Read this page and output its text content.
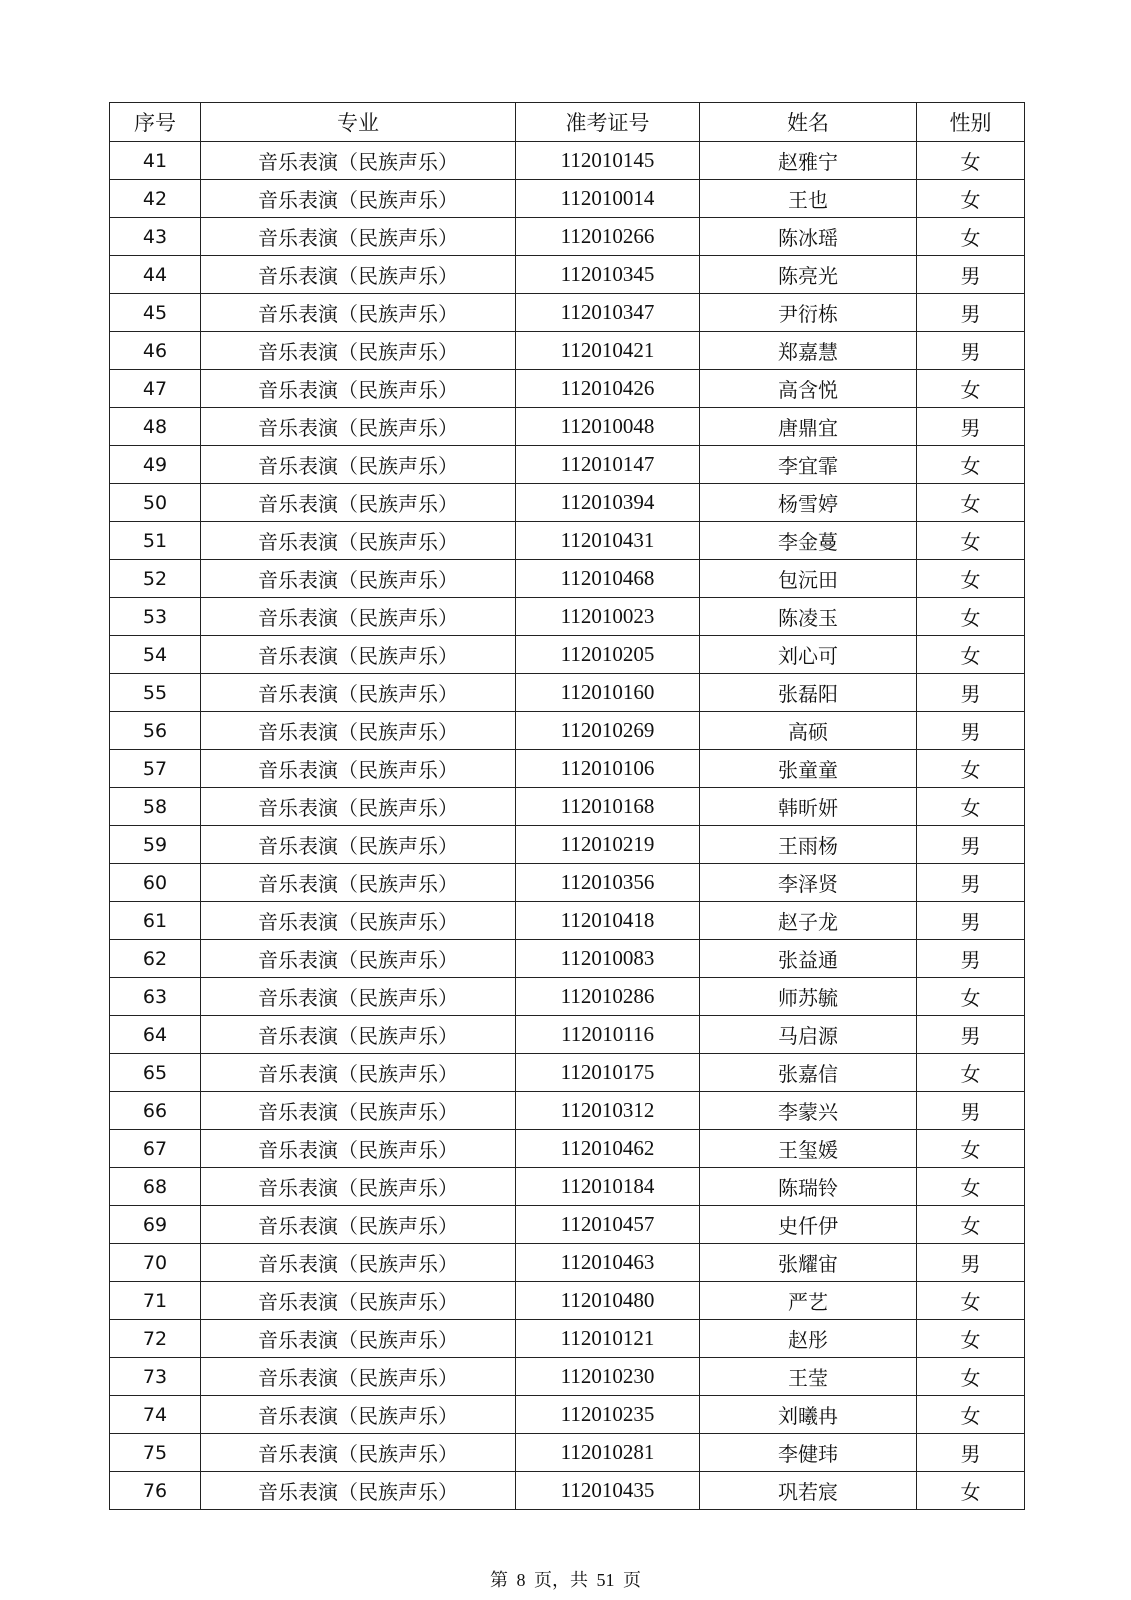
序号	专业	准考证号	姓名	性别
41	音乐表演（民族声乐）	112010145	赵雅宁	女
42	音乐表演（民族声乐）	112010014	王也	女
43	音乐表演（民族声乐）	112010266	陈冰瑶	女
44	音乐表演（民族声乐）	112010345	陈亮光	男
45	音乐表演（民族声乐）	112010347	尹衍栋	男
46	音乐表演（民族声乐）	112010421	郑嘉慧	男
47	音乐表演（民族声乐）	112010426	高含悦	女
48	音乐表演（民族声乐）	112010048	唐鼎宜	男
49	音乐表演（民族声乐）	112010147	李宜霏	女
50	音乐表演（民族声乐）	112010394	杨雪婷	女
51	音乐表演（民族声乐）	112010431	李金蔓	女
52	音乐表演（民族声乐）	112010468	包沅田	女
53	音乐表演（民族声乐）	112010023	陈凌玉	女
54	音乐表演（民族声乐）	112010205	刘心可	女
55	音乐表演（民族声乐）	112010160	张磊阳	男
56	音乐表演（民族声乐）	112010269	高硕	男
57	音乐表演（民族声乐）	112010106	张童童	女
58	音乐表演（民族声乐）	112010168	韩昕妍	女
59	音乐表演（民族声乐）	112010219	王雨杨	男
60	音乐表演（民族声乐）	112010356	李泽贤	男
61	音乐表演（民族声乐）	112010418	赵子龙	男
62	音乐表演（民族声乐）	112010083	张益通	男
63	音乐表演（民族声乐）	112010286	师苏毓	女
64	音乐表演（民族声乐）	112010116	马启源	男
65	音乐表演（民族声乐）	112010175	张嘉信	女
66	音乐表演（民族声乐）	112010312	李蒙兴	男
67	音乐表演（民族声乐）	112010462	王玺媛	女
68	音乐表演（民族声乐）	112010184	陈瑞铃	女
69	音乐表演（民族声乐）	112010457	史仟伊	女
70	音乐表演（民族声乐）	112010463	张耀宙	男
71	音乐表演（民族声乐）	112010480	严艺	女
72	音乐表演（民族声乐）	112010121	赵彤	女
73	音乐表演（民族声乐）	112010230	王莹	女
74	音乐表演（民族声乐）	112010235	刘曦冉	女
75	音乐表演（民族声乐）	112010281	李健玮	男
76	音乐表演（民族声乐）	112010435	巩若宸	女
第 8 页，共 51 页
